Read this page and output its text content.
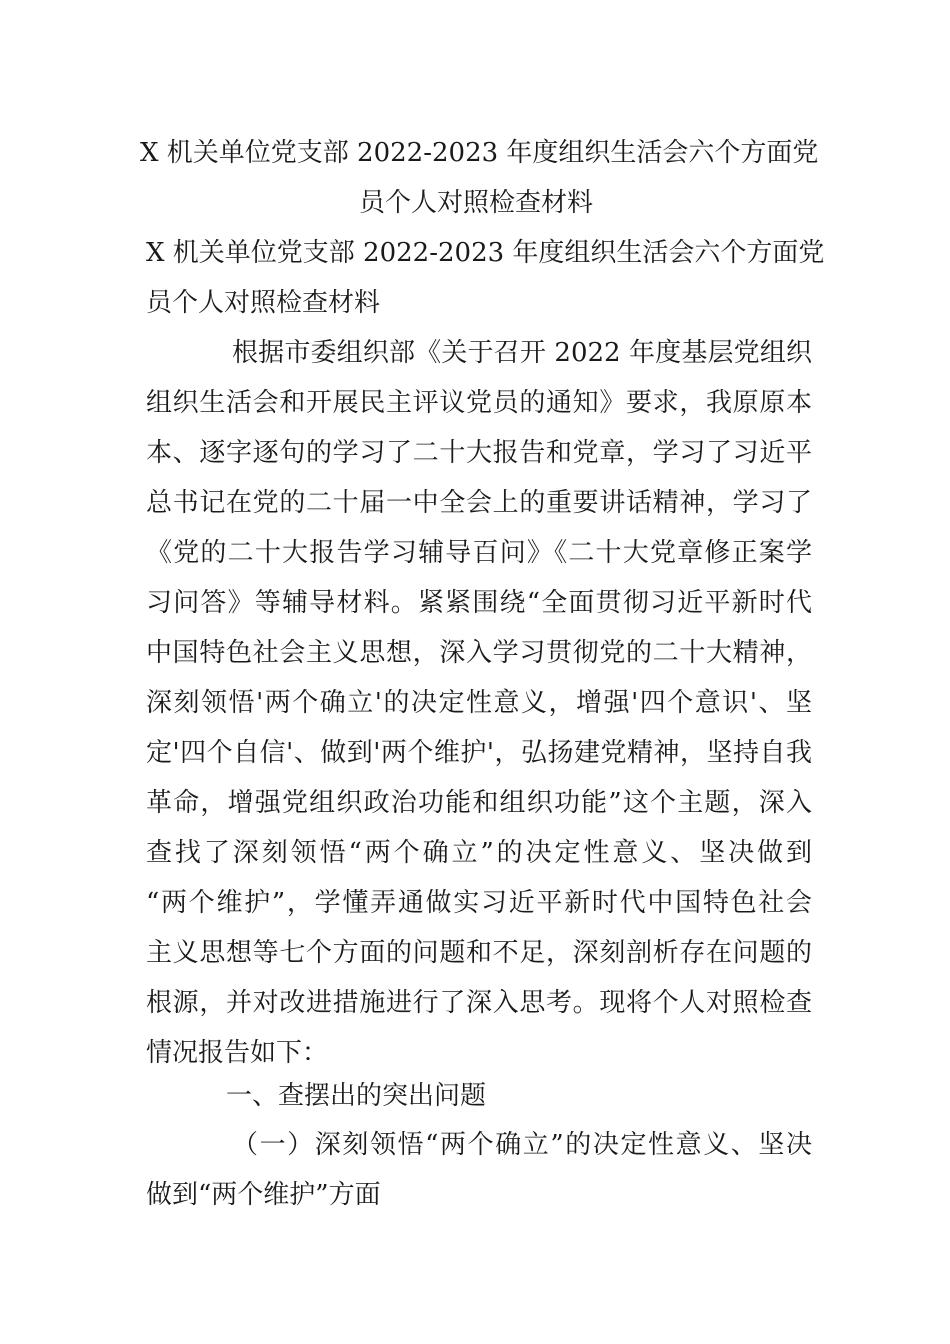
X 机关单位党支部 2022-2023 年度组织生活会六个方面党
员个人对照检查材料
X 机关单位党支部 2022-2023 年度组织生活会六个方面党
员个人对照检查材料
根据市委组织部《关于召开 2022 年度基层党组织
组织生活会和开展民主评议党员的通知》要求，我原原本
本、逐字逐句的学习了二十大报告和党章，学习了习近平
总书记在党的二十届一中全会上的重要讲话精神，学习了
《党的二十大报告学习辅导百问》《二十大党章修正案学
习问答》等辅导材料。紧紧围绕“全面贯彻习近平新时代
中国特色社会主义思想，深入学习贯彻党的二十大精神，
深刻领悟'两个确立'的决定性意义，增强'四个意识'、坚
定'四个自信'、做到'两个维护'，弘扬建党精神，坚持自我
革命，增强党组织政治功能和组织功能”这个主题，深入
查找了深刻领悟“两个确立”的决定性意义、坚决做到
“两个维护”，学懂弄通做实习近平新时代中国特色社会
主义思想等七个方面的问题和不足，深刻剖析存在问题的
根源，并对改进措施进行了深入思考。现将个人对照检查
情况报告如下：
一、查摆出的突出问题
（一）深刻领悟“两个确立”的决定性意义、坚决
做到“两个维护”方面
